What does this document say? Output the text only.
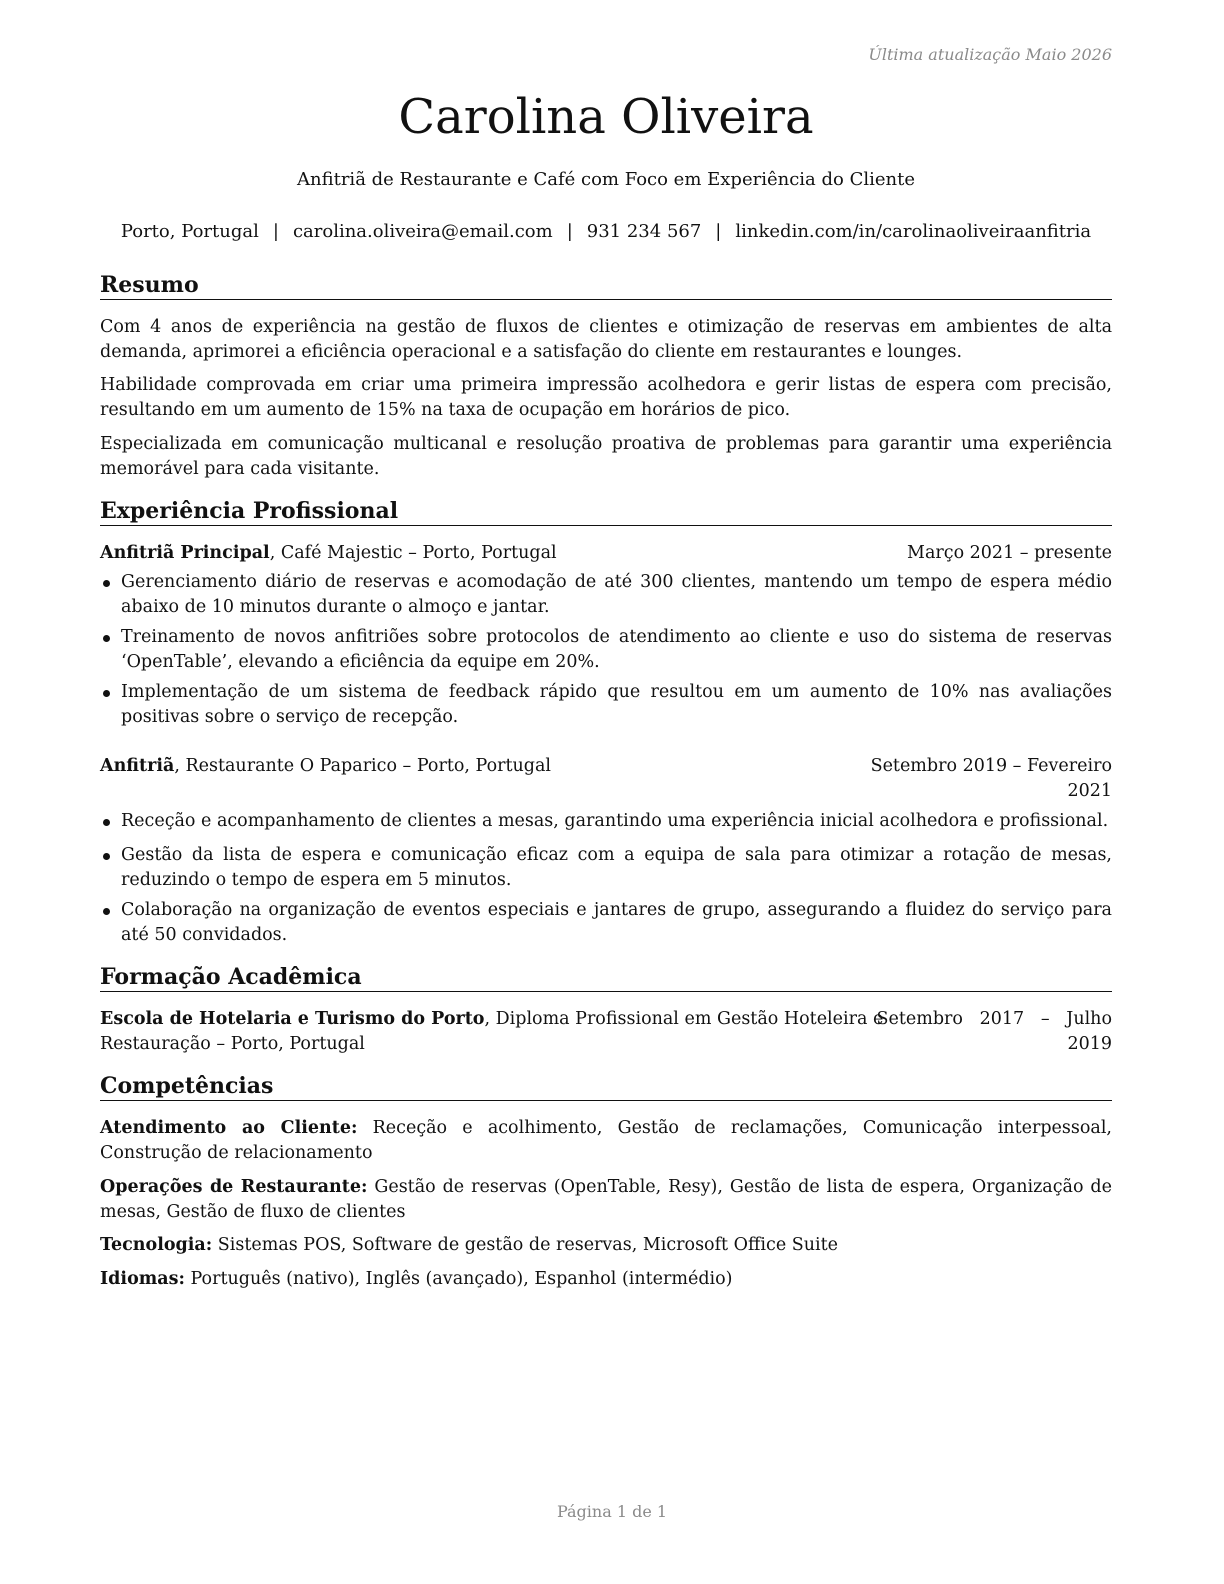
Última atualização Maio 2026
Carolina Oliveira
Anfitriã de Restaurante e Café com Foco em Experiência do Cliente
Porto, Portugal | carolina.oliveira@email.com | 931 234 567 | linkedin.com/in/carolinaoliveiraanfitria
Resumo
Com 4 anos de experiência na gestão de fluxos de clientes e otimização de reservas em ambientes de alta demanda, aprimorei a eficiência operacional e a satisfação do cliente em restaurantes e lounges.
Habilidade comprovada em criar uma primeira impressão acolhedora e gerir listas de espera com precisão, resultando em um aumento de 15% na taxa de ocupação em horários de pico.
Especializada em comunicação multicanal e resolução proativa de problemas para garantir uma experiência memorável para cada visitante.
Experiência Profissional
Anfitriã Principal, Café Majestic – Porto, Portugal	Março 2021 – presente
Gerenciamento diário de reservas e acomodação de até 300 clientes, mantendo um tempo de espera médio abaixo de 10 minutos durante o almoço e jantar.
Treinamento de novos anfitriões sobre protocolos de atendimento ao cliente e uso do sistema de reservas ‘OpenTable’, elevando a eficiência da equipe em 20%.
Implementação de um sistema de feedback rápido que resultou em um aumento de 10% nas avaliações positivas sobre o serviço de recepção.
Anfitriã, Restaurante O Paparico – Porto, Portugal	Setembro 2019 – Fevereiro
2021
Receção e acompanhamento de clientes a mesas, garantindo uma experiência inicial acolhedora e profissional.
Gestão da lista de espera e comunicação eficaz com a equipa de sala para otimizar a rotação de mesas, reduzindo o tempo de espera em 5 minutos.
Colaboração na organização de eventos especiais e jantares de grupo, assegurando a fluidez do serviço para até 50 convidados.
Formação Acadêmica
Escola de Hotelaria e Turismo do Porto, Diploma Profissional em Gestão Hoteleira e
Restauração – Porto, Portugal
Setembro   2017   –   Julho
2019
Competências
Atendimento ao Cliente: Receção e acolhimento, Gestão de reclamações, Comunicação interpessoal, Construção de relacionamento
Operações de Restaurante: Gestão de reservas (OpenTable, Resy), Gestão de lista de espera, Organização de mesas, Gestão de fluxo de clientes
Tecnologia: Sistemas POS, Software de gestão de reservas, Microsoft Office Suite
Idiomas: Português (nativo), Inglês (avançado), Espanhol (intermédio)
Página 1 de 1
